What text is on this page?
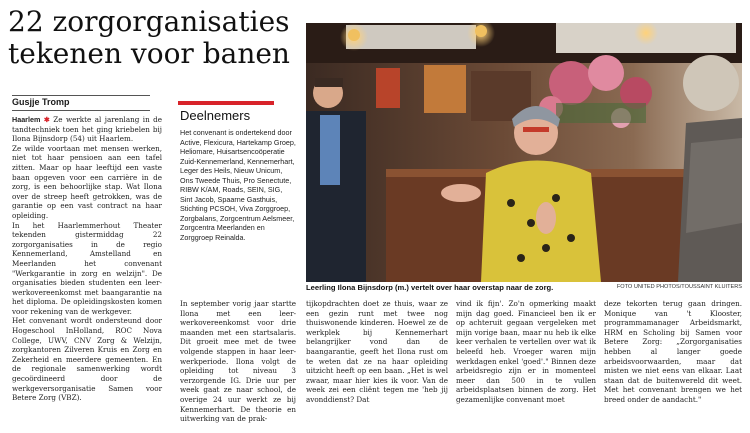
22 zorgorganisaties
tekenen voor banen
Gusjje Tromp

Haarlem ✱ Ze werkte al jarenlang in de tandtechniek toen het ging kriebelen bij Ilona Bijnsdorp (54) uit Haarlem.

Ze wilde voortaan met mensen werken, niet tot haar pensioen aan een tafel zitten. Maar op haar leeftijd een vaste baan opgeven voor een carrière in de zorg, is een behoorlijke stap. Wat Ilona over de streep heeft getrokken, was de garantie op een vast contract na haar opleiding.

In het Haarlemmerhout Theater tekenden gistermiddag 22 zorgorganisaties in de regio Kennemerland, Amstelland en Meerlanden het convenant "Werkgarantie in zorg en welzijn". De organisaties bieden studenten een leer-werkovereenkomst met baangarantie na het diploma. De opleidingskosten komen voor rekening van de werkgever.

Het convenant wordt ondersteund door Hogeschool InHolland, ROC Nova College, UWV, CNV Zorg & Welzijn, zorgkantoren Zilveren Kruis en Zorg en Zekerheid en meerdere gemeenten. En de regionale samenwerking wordt gecoördineerd door de werkgeversorganisatie Samen voor Betere Zorg (VBZ).

Deelnemers
Het convenant is ondertekend door Active, Flexicura, Hartekamp Groep, Heliomare, Huisartsencoöperatie Zuid-Kennemerland, Kennemerhart, Leger des Heils, Nieuw Unicum, Ons Tweede Thuis, Pro Senectute, RIBW K/AM, Roads, SEIN, SIG, Sint Jacob, Spaarne Gasthuis, Stichting PCSOH, Viva Zorggroep, Zorgbalans, Zorgcentrum Aelsmeer, Zorgcentra Meerlanden en Zorggroep Reinalda.
Leerling Ilona Bijnsdorp (m.) vertelt over haar overstap naar de zorg.	FOTO UNITED PHOTOS/TOUSSAINT KLUITERS
In september vorig jaar startte Ilona met een leer-werkovereenkomst voor drie maanden met een startsalaris. Dit groeit mee met de twee volgende stappen in haar leer-werkperiode. Ilona volgt de opleiding tot niveau 3 verzorgende IG. Drie uur per week gaat ze naar school, de overige 24 uur werkt ze bij Kennemerhart. De theorie en uitwerking van de prak-
tijkopdrachten doet ze thuis, waar ze een gezin runt met twee nog thuiswonende kinderen. Hoewel ze de werkplek bij Kennemerhart belangrijker vond dan de baangarantie, geeft het Ilona rust om te weten dat ze na haar opleiding uitzicht heeft op een baan. „Het is wel zwaar, maar hier kies ik voor. Van de week zei een cliënt tegen me 'heb jij avonddienst? Dat
vind ik fijn'. Zo'n opmerking maakt mijn dag goed. Financieel ben ik er op achteruit gegaan vergeleken met mijn vorige baan, maar nu heb ik elke keer verhalen te vertellen over wat ik beleefd heb. Vroeger waren mijn werkdagen enkel 'goed'." Binnen deze arbeidsregio zijn er in momenteel meer dan 500 in te vullen arbeidsplaatsen binnen de zorg. Het gezamenlijke convenant moet
deze tekorten terug gaan dringen. Monique van 't Klooster, programmamanager Arbeidsmarkt, HRM en Scholing bij Samen voor Betere Zorg: „Zorgorganisaties hebben al langer goede arbeidsvoorwaarden, maar dat misten we niet eens van elkaar. Laat staan dat de buitenwereld dit weet. Met het convenant brengen we het breed onder de aandacht."
